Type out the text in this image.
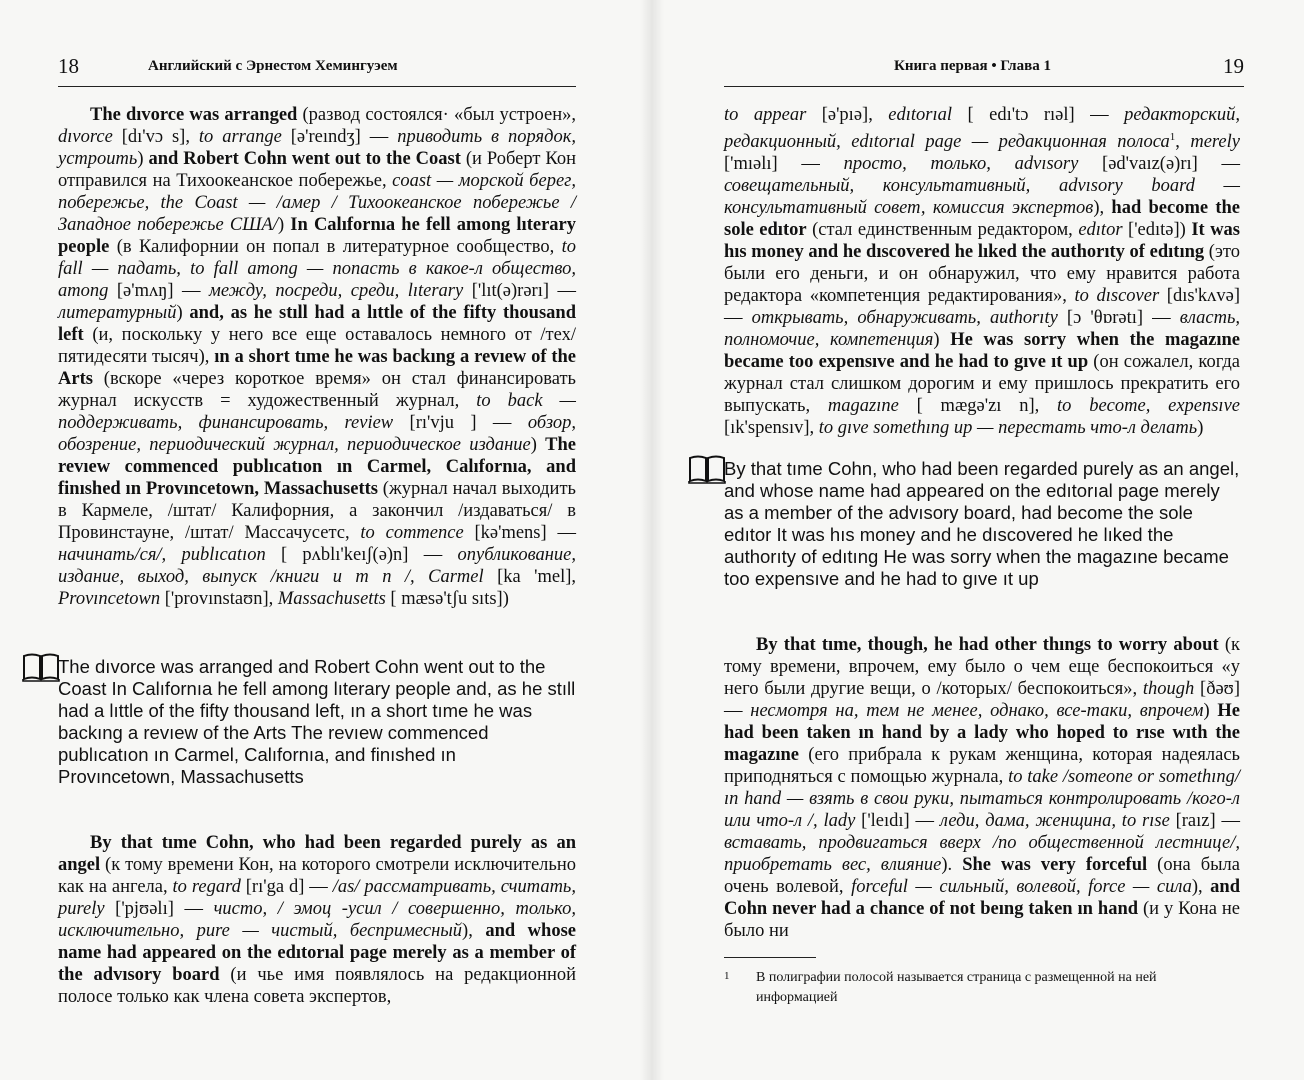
18	Английский с Эрнестом Хемингуэем

The dıvorce was arranged (развод состоялся· «был устроен», dıvorce [dı'vɔ s], to arrange [ə'reındʒ] — приводить в порядок, устроить) and Robert Cohn went out to the Coast (и Роберт Кон отправился на Тихоокеанское побережье, coast — морской берег, побережье, the Coast — /амер / Тихоокеанское побережье /Западное побережье США/) In Calıfornıa he fell among lıterary people (в Калифорнии он попал в литературное сообщество, to fall — падать, to fall among — попасть в какое-л общество, among [ə'mʌŋ] — между, посреди, среди, lıterary ['lıt(ə)rərı] — литературный) and, as he stıll had a lıttle of the fifty thousand left (и, поскольку у него все еще оставалось немного от /тех/ пятидесяти тысяч), ın a short tıme he was backıng a revıew of the Arts (вскоре «через короткое время» он стал финансировать журнал искусств = художественный журнал, to back — поддерживать, финансировать, review [rı'vju ] — обзор, обозрение, периодический журнал, периодическое издание) The revıew commenced publıcatıon ın Carmel, Calıfornıa, and finıshed ın Provıncetown, Massachusetts (журнал начал выходить в Кармеле, /штат/ Калифорния, а закончил /издаваться/ в Провинстауне, /штат/ Массачусетс, to commence [kə'mens] — начинать/ся/, publıcatıon [ pʌblı'keıʃ(ə)n] — опубликование, издание, выход, выпуск /книги и т п /, Carmel [ka 'mel], Provıncetown ['provınstaʊn], Massachusetts [ mæsə'tʃu sıts])

The dıvorce was arranged and Robert Cohn went out to the Coast In Calıfornıa he fell among lıterary people and, as he stıll had a lıttle of the fifty thousand left, ın a short tıme he was backıng a revıew of the Arts The revıew commenced publıcatıon ın Carmel, Calıfornıa, and finıshed ın Provıncetown, Massachusetts

By that tıme Cohn, who had been regarded purely as an angel (к тому времени Кон, на которого смотрели исключительно как на ангела, to regard [rı'ga d] — /as/ рассматривать, считать, purely ['pjʊəlı] — чисто, / эмоц -усил / совершенно, только, исключительно, pure — чистый, беспримесный), and whose name had appeared on the edıtorıal page merely as a member of the advısory board (и чье имя появлялось на редакционной полосе только как члена совета экспертов,

Книга первая • Глава 1	19

to appear [ə'pıə], edıtorıal [ edı'tɔ rıəl] — редакторский, редакционный, edıtorıal page — редакционная полоса$^1$, merely ['mıəlı] — просто, только, advısory [əd'vaız(ə)rı] — совещательный, консультативный, advısory board — консультативный совет, комиссия экспертов), had become the sole edıtor (стал единственным редактором, edıtor ['edıtə]) It was hıs money and he dıscovered he lıked the authorıty of edıtıng (это были его деньги, и он обнаружил, что ему нравится работа редактора «компетенция редактирования», to dıscover [dıs'kʌvə] — открывать, обнаруживать, authorıty [ɔ 'θɒrətı] — власть, полномочие, компетенция) He was sorry when the magazıne became too expensıve and he had to gıve ıt up (он сожалел, когда журнал стал слишком дорогим и ему пришлось прекратить его выпускать, magazıne [ mægə'zı n], to become, expensıve [ık'spensıv], to gıve somethıng up — перестать что-л делать)

By that tıme Cohn, who had been regarded purely as an angel, and whose name had appeared on the edıtorıal page merely as a member of the advısory board, had become the sole edıtor It was hıs money and he dıscovered he lıked the authorıty of edıtıng He was sorry when the magazıne became too expensıve and he had to gıve ıt up

By that tıme, though, he had other thıngs to worry about (к тому времени, впрочем, ему было о чем еще беспокоиться «у него были другие вещи, о /которых/ беспокоиться», though [ðəʊ] — несмотря на, тем не менее, однако, все-таки, впрочем) He had been taken ın hand by a lady who hoped to rıse wıth the magazıne (его прибрала к рукам женщина, которая надеялась приподняться с помощью журнала, to take /someone or somethıng/ ın hand — взять в свои руки, пытаться контролировать /кого-л или что-л /, lady ['leıdı] — леди, дама, женщина, to rıse [raız] — вставать, продвигаться вверх /по общественной лестнице/, приобретать вес, влияние). She was very forceful (она была очень волевой, forceful — сильный, волевой, force — сила), and Cohn never had a chance of not beıng taken ın hand (и у Кона не было ни

1	В полиграфии полосой называется страница с размещенной на ней информацией
